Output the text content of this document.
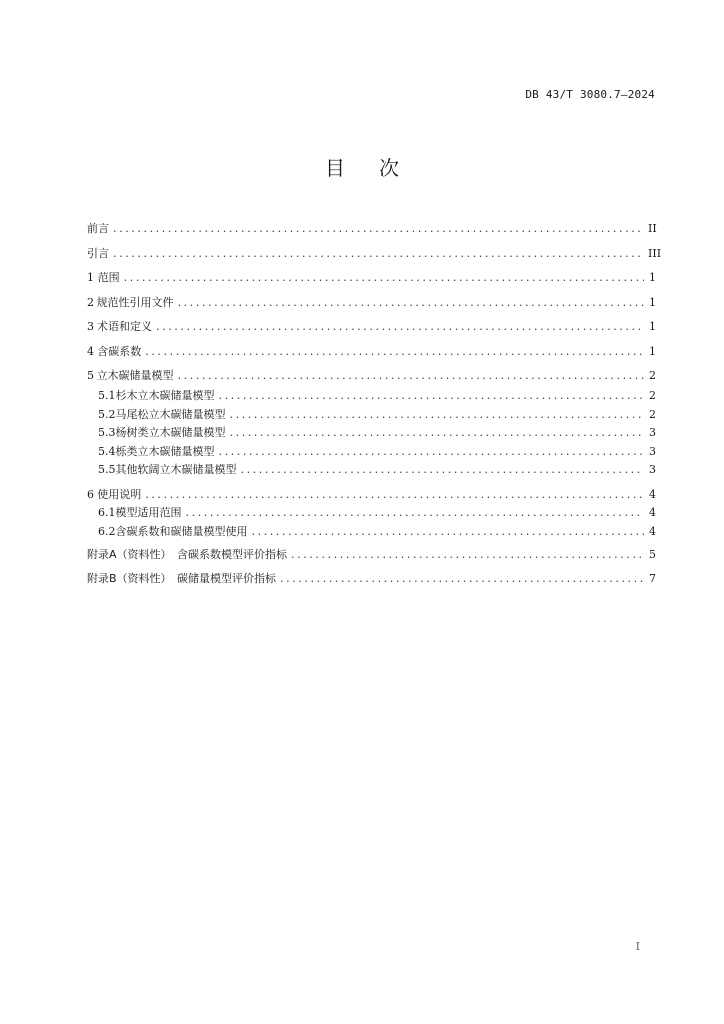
DB 43/T 3080.7—2024
目次
前言 .....	II
引言 .....	III
1 范围 .....	1
2 规范性引用文件 .....	1
3 术语和定义 .....	1
4 含碳系数 .....	1
5 立木碳储量模型 .....	2
5.1 杉木立木碳储量模型 .....	2
5.2 马尾松立木碳储量模型 .....	2
5.3 杨树类立木碳储量模型 .....	3
5.4 栎类立木碳储量模型 .....	3
5.5 其他软阔立木碳储量模型 .....	3
6 使用说明 .....	4
6.1 模型适用范围 .....	4
6.2 含碳系数和碳储量模型使用 .....	4
附录A（资料性）　含碳系数模型评价指标 .....	5
附录B（资料性）　碳储量模型评价指标 .....	7
I
